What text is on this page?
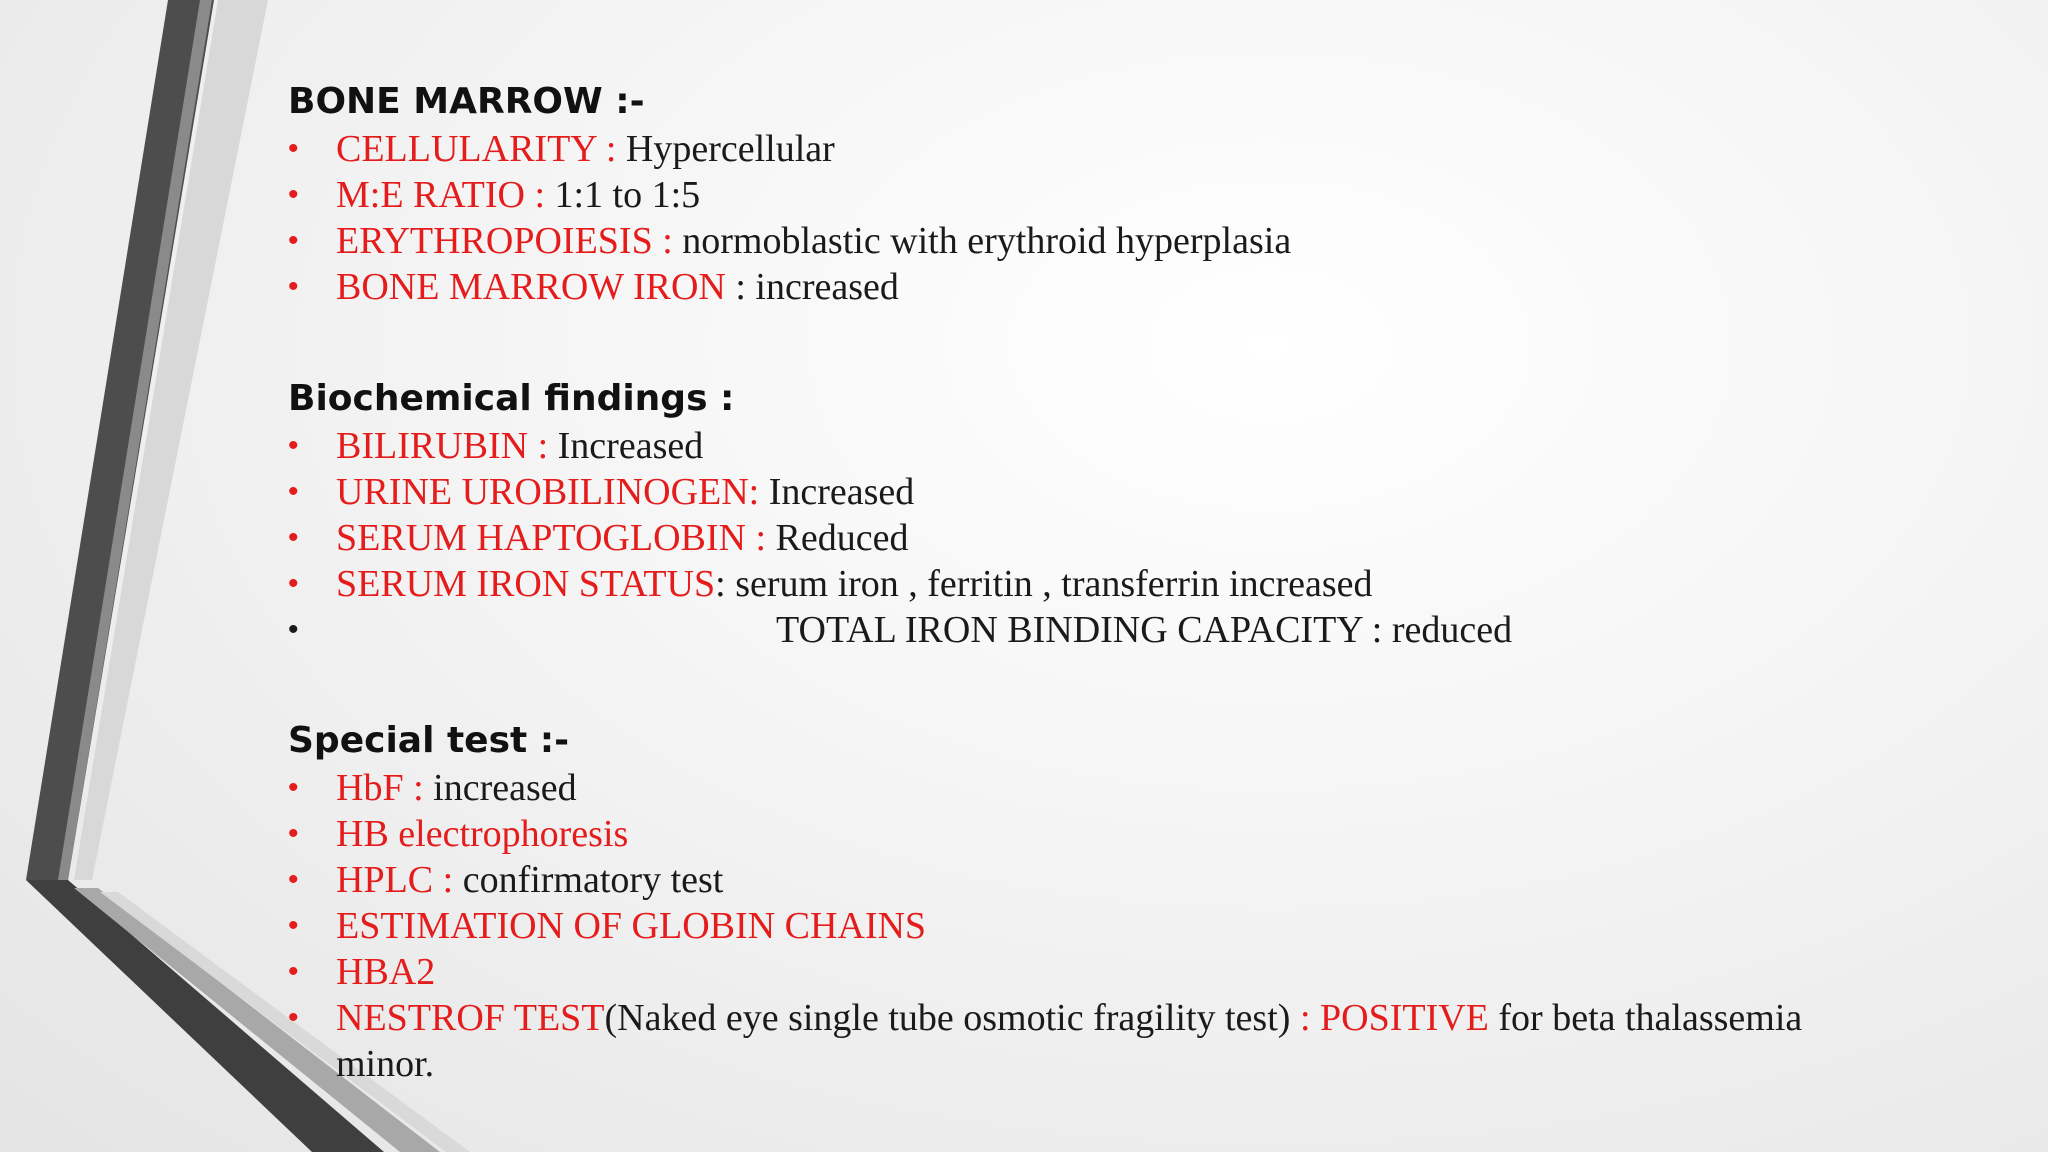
BONE MARROW :-
• CELLULARITY : Hypercellular
• M:E RATIO : 1:1 to 1:5
• ERYTHROPOIESIS : normoblastic with erythroid hyperplasia
• BONE MARROW IRON : increased
Biochemical findings :
• BILIRUBIN : Increased
• URINE UROBILINOGEN: Increased
• SERUM HAPTOGLOBIN : Reduced
• SERUM IRON STATUS: serum iron , ferritin , transferrin increased
•	TOTAL IRON BINDING CAPACITY : reduced
Special test :-
• HbF : increased
• HB electrophoresis
• HPLC : confirmatory test
• ESTIMATION OF GLOBIN CHAINS
• HBA2
• NESTROF TEST(Naked eye single tube osmotic fragility test) : POSITIVE for beta thalassemia minor.
